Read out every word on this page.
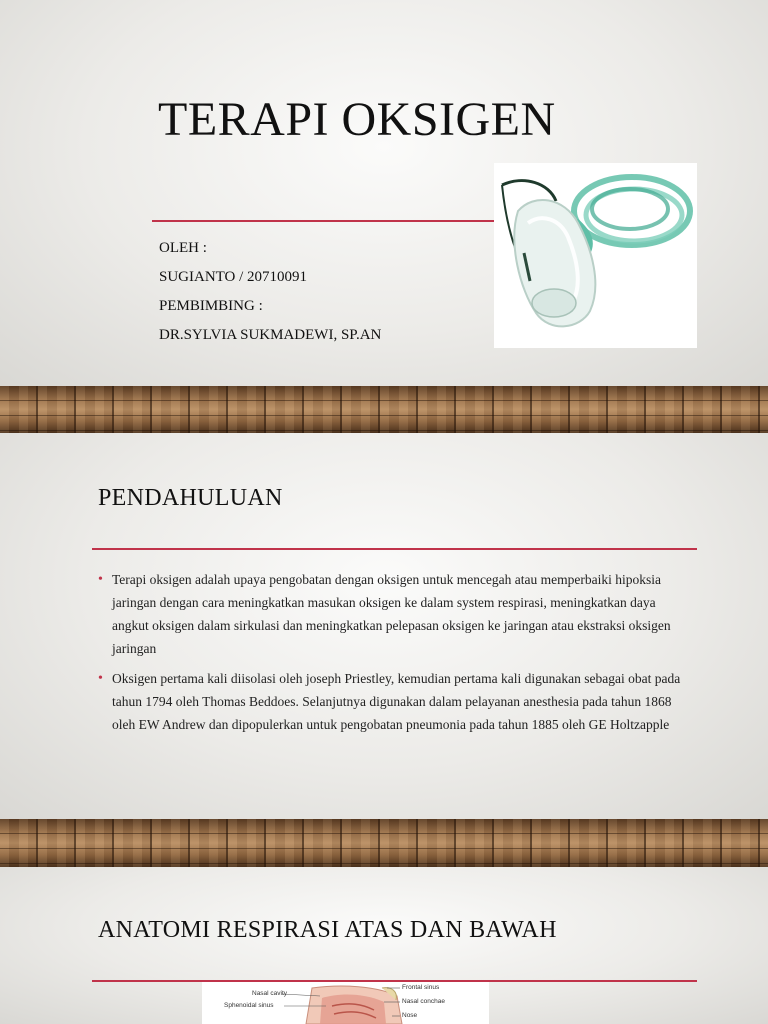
TERAPI OKSIGEN
OLEH :
SUGIANTO / 20710091
PEMBIMBING :
DR.SYLVIA SUKMADEWI, SP.AN
PENDAHULUAN
• Terapi oksigen adalah upaya pengobatan dengan oksigen untuk mencegah atau memperbaiki hipoksia jaringan dengan cara meningkatkan masukan oksigen ke dalam system respirasi, meningkatkan daya angkut oksigen dalam sirkulasi dan meningkatkan pelepasan oksigen ke jaringan atau ekstraksi oksigen jaringan
• Oksigen pertama kali diisolasi oleh joseph Priestley, kemudian pertama kali digunakan sebagai obat pada tahun 1794 oleh Thomas Beddoes. Selanjutnya digunakan dalam pelayanan anesthesia pada tahun 1868 oleh EW Andrew dan dipopulerkan untuk pengobatan pneumonia pada tahun 1885 oleh GE Holtzapple
ANATOMI RESPIRASI ATAS DAN BAWAH
Nasal cavity
Sphenoidal sinus
Frontal sinus
Nasal conchae
Nose
